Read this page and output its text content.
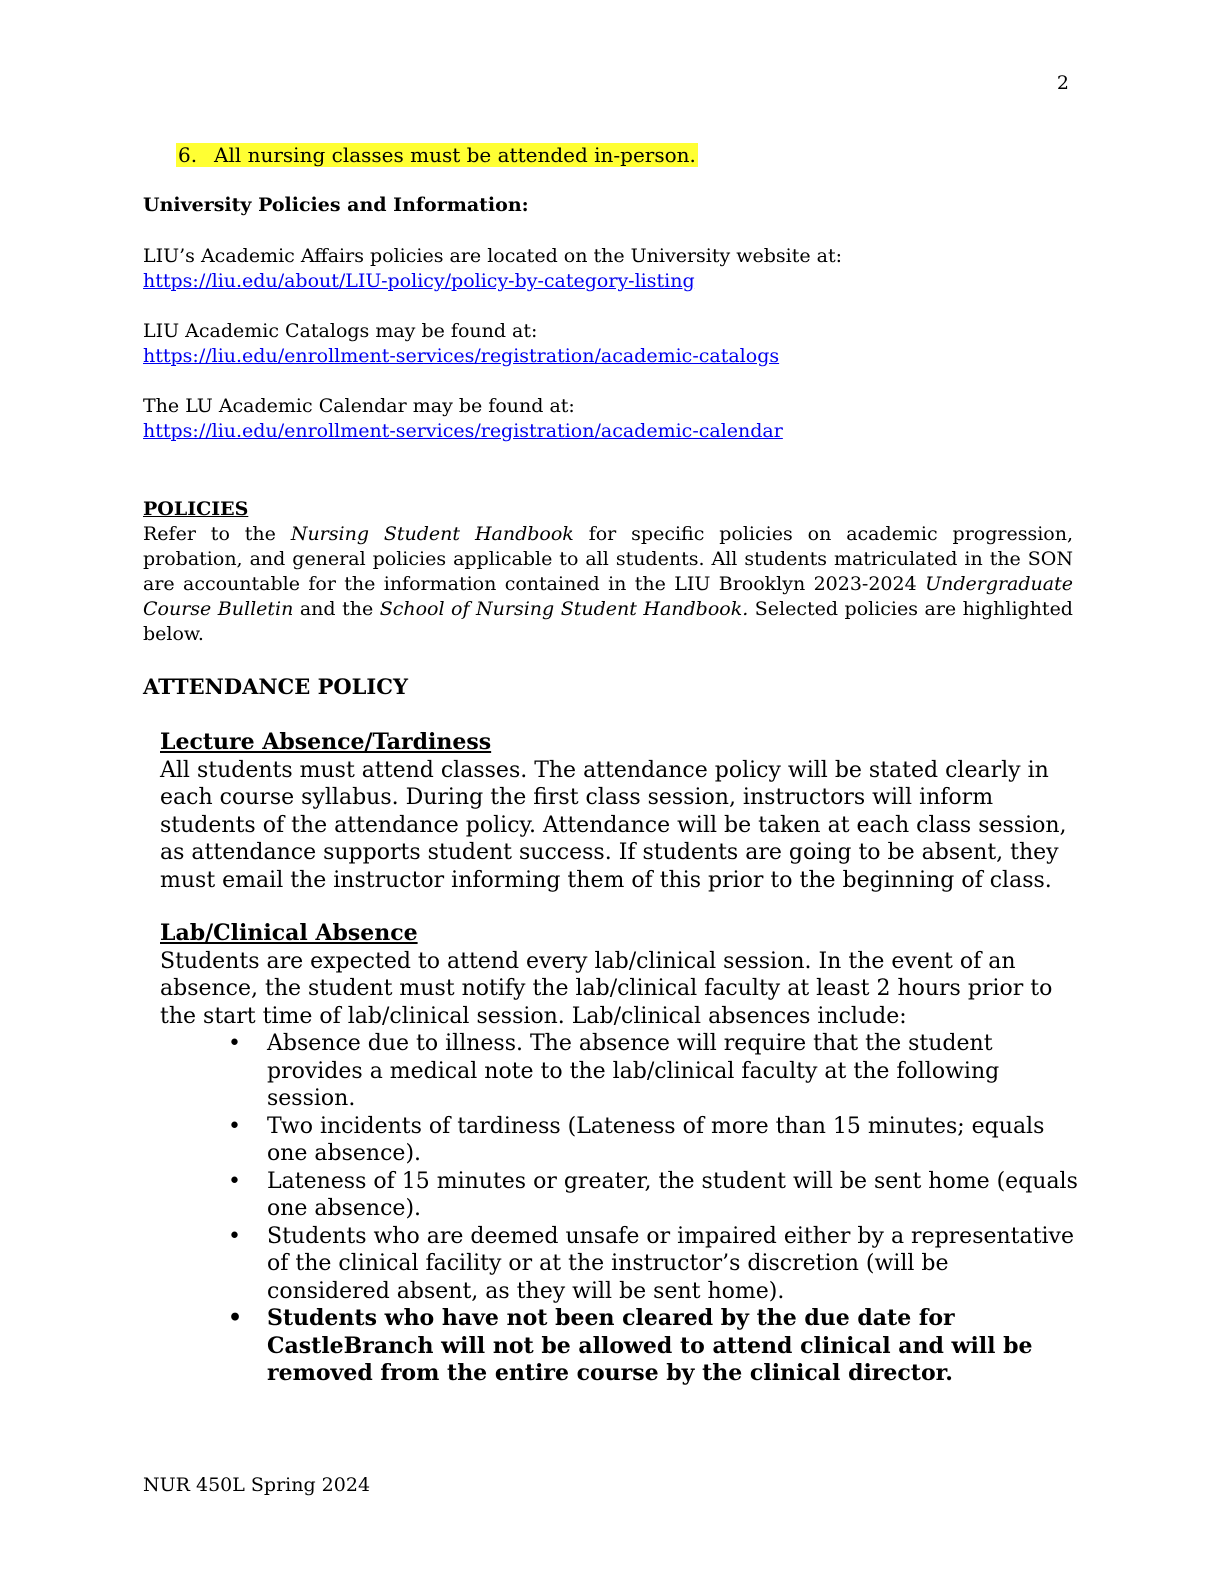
2
6. All nursing classes must be attended in-person.
University Policies and Information:
LIU’s Academic Affairs policies are located on the University website at:
https://liu.edu/about/LIU-policy/policy-by-category-listing
LIU Academic Catalogs may be found at:
https://liu.edu/enrollment-services/registration/academic-catalogs
The LU Academic Calendar may be found at:
https://liu.edu/enrollment-services/registration/academic-calendar
POLICIES
Refer to the Nursing Student Handbook for specific policies on academic progression, probation, and general policies applicable to all students. All students matriculated in the SON are accountable for the information contained in the LIU Brooklyn 2023-2024 Undergraduate Course Bulletin and the School of Nursing Student Handbook. Selected policies are highlighted below.
ATTENDANCE POLICY
Lecture Absence/Tardiness
All students must attend classes. The attendance policy will be stated clearly in each course syllabus. During the first class session, instructors will inform students of the attendance policy. Attendance will be taken at each class session, as attendance supports student success. If students are going to be absent, they must email the instructor informing them of this prior to the beginning of class.
Lab/Clinical Absence
Students are expected to attend every lab/clinical session. In the event of an absence, the student must notify the lab/clinical faculty at least 2 hours prior to the start time of lab/clinical session. Lab/clinical absences include:
•	Absence due to illness. The absence will require that the student provides a medical note to the lab/clinical faculty at the following session.
•	Two incidents of tardiness (Lateness of more than 15 minutes; equals one absence).
•	Lateness of 15 minutes or greater, the student will be sent home (equals one absence).
•	Students who are deemed unsafe or impaired either by a representative of the clinical facility or at the instructor’s discretion (will be considered absent, as they will be sent home).
• Students who have not been cleared by the due date for CastleBranch will not be allowed to attend clinical and will be removed from the entire course by the clinical director.
NUR 450L Spring 2024
